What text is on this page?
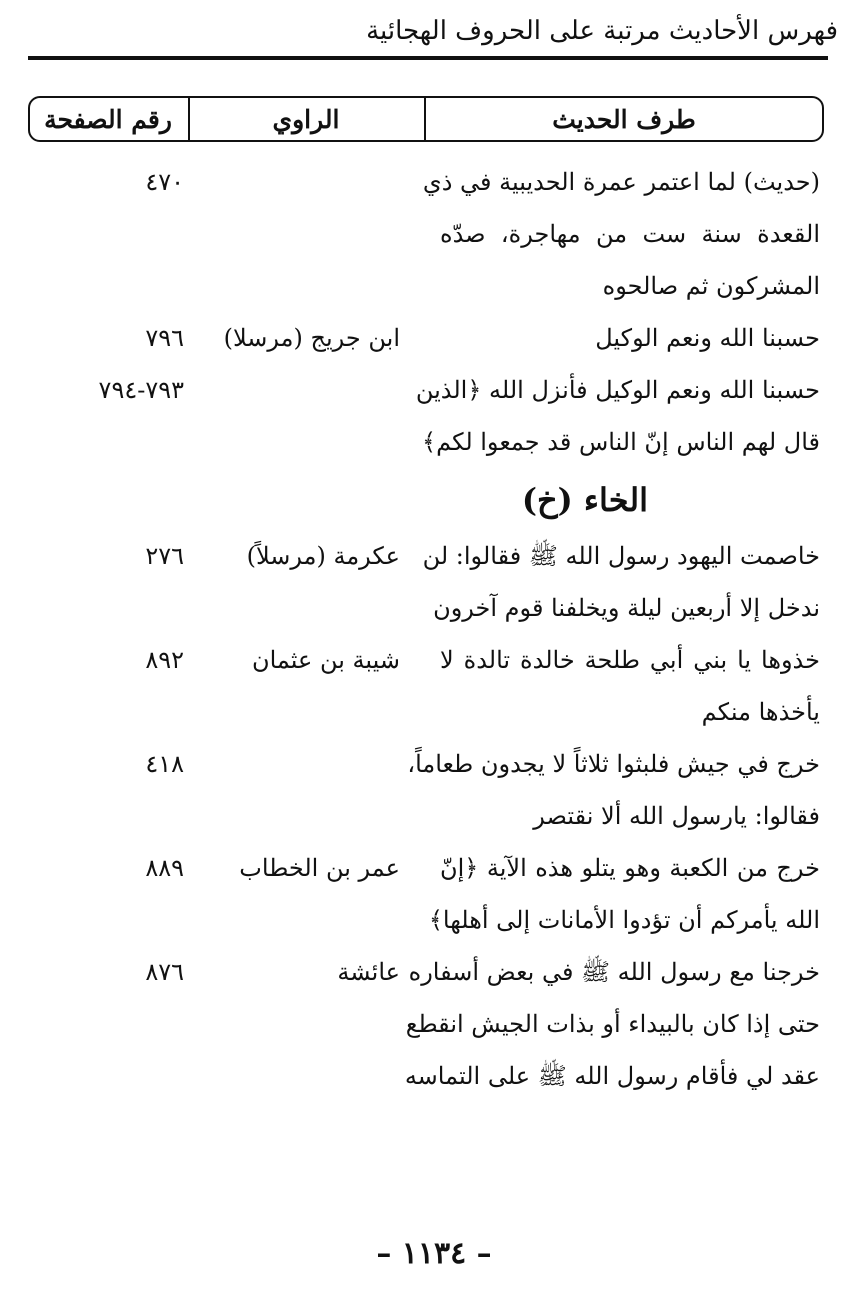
فهرس الأحاديث مرتبة على الحروف الهجائية
طرف الحديث
الراوي
رقم الصفحة
(حديث) لما اعتمر عمرة الحديبية في ذي
٤٧٠
القعدة سنة ست من مهاجرة، صدّه
المشركون ثم صالحوه
حسبنا الله ونعم الوكيل
ابن جريج (مرسلا)
٧٩٦
حسبنا الله ونعم الوكيل فأنزل الله ﴿الذين
٧٩٣-٧٩٤
قال لهم الناس إنّ الناس قد جمعوا لكم﴾
الخاء (خ)
خاصمت اليهود رسول الله ﷺ فقالوا: لن
عكرمة (مرسلاً)
٢٧٦
ندخل إلا أربعين ليلة ويخلفنا قوم آخرون
خذوها يا بني أبي طلحة خالدة تالدة لا
شيبة بن عثمان
٨٩٢
يأخذها منكم
خرج في جيش فلبثوا ثلاثاً لا يجدون طعاماً،
٤١٨
فقالوا: يارسول الله ألا نقتصر
خرج من الكعبة وهو يتلو هذه الآية ﴿إنّ
عمر بن الخطاب
٨٨٩
الله يأمركم أن تؤدوا الأمانات إلى أهلها﴾
خرجنا مع رسول الله ﷺ في بعض أسفاره
عائشة
٨٧٦
حتى إذا كان بالبيداء أو بذات الجيش انقطع
عقد لي فأقام رسول الله ﷺ على التماسه
– ١١٣٤ –
